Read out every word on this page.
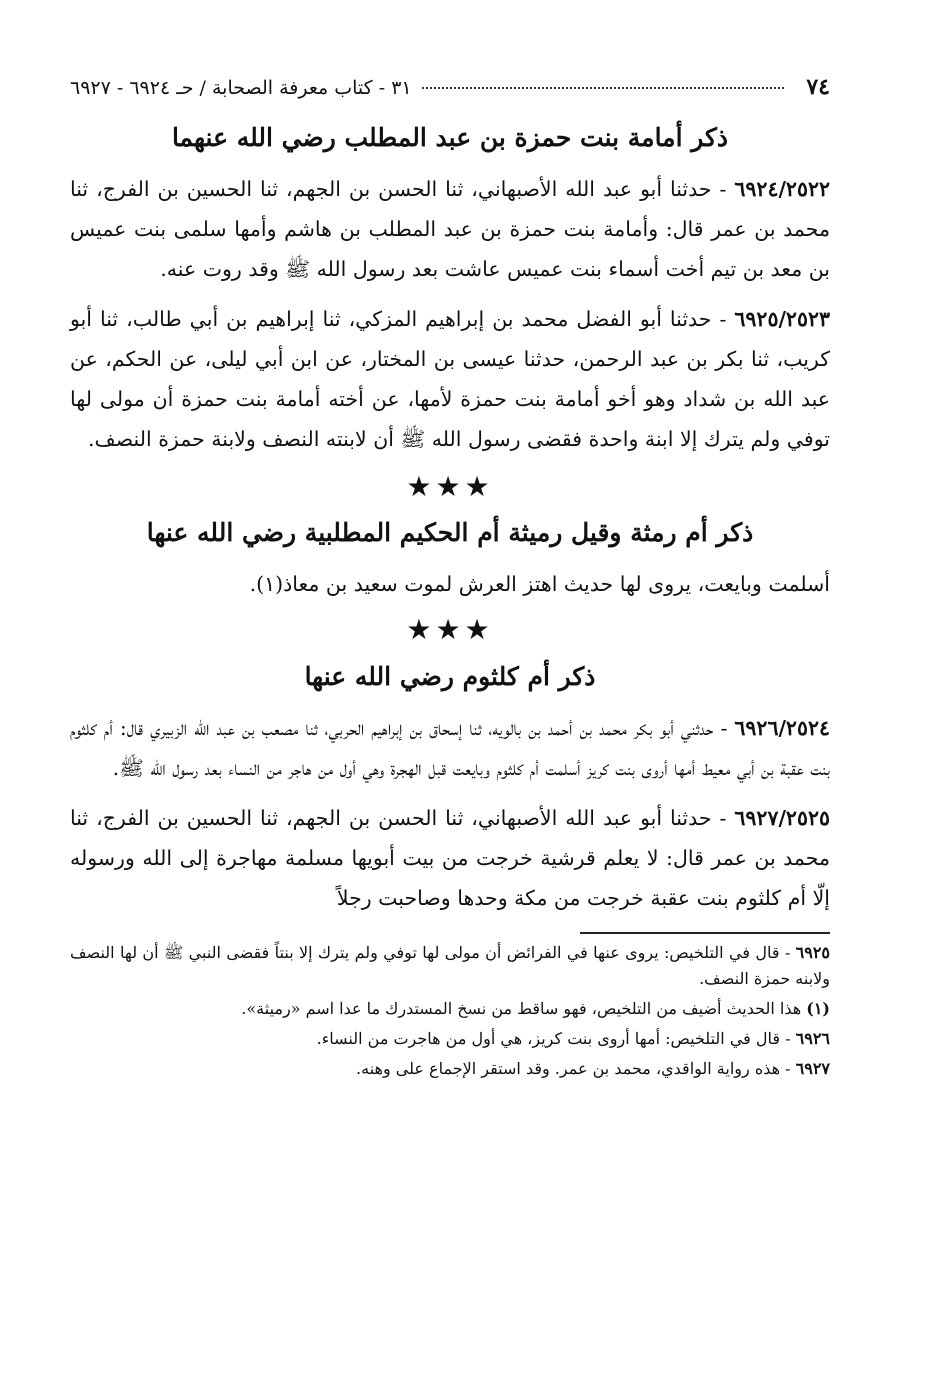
٧٤
٣١ - كتاب معرفة الصحابة / حـ ٦٩٢٤ - ٦٩٢٧
ذكر أمامة بنت حمزة بن عبد المطلب رضي الله عنهما

٦٩٢٤/٢٥٢٢ - حدثنا أبو عبد الله الأصبهاني، ثنا الحسن بن الجهم، ثنا الحسين بن الفرج، ثنا محمد بن عمر قال: وأمامة بنت حمزة بن عبد المطلب بن هاشم وأمها سلمى بنت عميس بن معد بن تيم أخت أسماء بنت عميس عاشت بعد رسول الله ﷺ وقد روت عنه.

٦٩٢٥/٢٥٢٣ - حدثنا أبو الفضل محمد بن إبراهيم المزكي، ثنا إبراهيم بن أبي طالب، ثنا أبو كريب، ثنا بكر بن عبد الرحمن، حدثنا عيسى بن المختار، عن ابن أبي ليلى، عن الحكم، عن عبد الله بن شداد وهو أخو أمامة بنت حمزة لأمها، عن أخته أمامة بنت حمزة أن مولى لها توفي ولم يترك إلا ابنة واحدة فقضى رسول الله ﷺ أن لابنته النصف ولابنة حمزة النصف.

★★★
ذكر أم رمثة وقيل رميثة أم الحكيم المطلبية رضي الله عنها

أسلمت وبايعت، يروى لها حديث اهتز العرش لموت سعيد بن معاذ(١).

★★★
ذكر أم كلثوم رضي الله عنها

٦٩٢٦/٢٥٢٤ - حدثني أبو بكر محمد بن أحمد بن بالويه، ثنا إسحاق بن إبراهيم الحربي، ثنا مصعب بن عبد الله الزبيري قال: أم كلثوم بنت عقبة بن أبي معيط أمها أروى بنت كريز أسلمت أم كلثوم وبايعت قبل الهجرة وهي أول من هاجر من النساء بعد رسول الله ﷺ.

٦٩٢٧/٢٥٢٥ - حدثنا أبو عبد الله الأصبهاني، ثنا الحسن بن الجهم، ثنا الحسين بن الفرج، ثنا محمد بن عمر قال: لا يعلم قرشية خرجت من بيت أبويها مسلمة مهاجرة إلى الله ورسوله إلّا أم كلثوم بنت عقبة خرجت من مكة وحدها وصاحبت رجلاً

٦٩٢٥ - قال في التلخيص: يروى عنها في الفرائض أن مولى لها توفي ولم يترك إلا بنتاً فقضى النبي ﷺ أن لها النصف ولابنه حمزة النصف.
(١) هذا الحديث أضيف من التلخيص، فهو ساقط من نسخ المستدرك ما عدا اسم «رميثة».
٦٩٢٦ - قال في التلخيص: أمها أروى بنت كريز، هي أول من هاجرت من النساء.
٦٩٢٧ - هذه رواية الواقدي، محمد بن عمر. وقد استقر الإجماع على وهنه.
